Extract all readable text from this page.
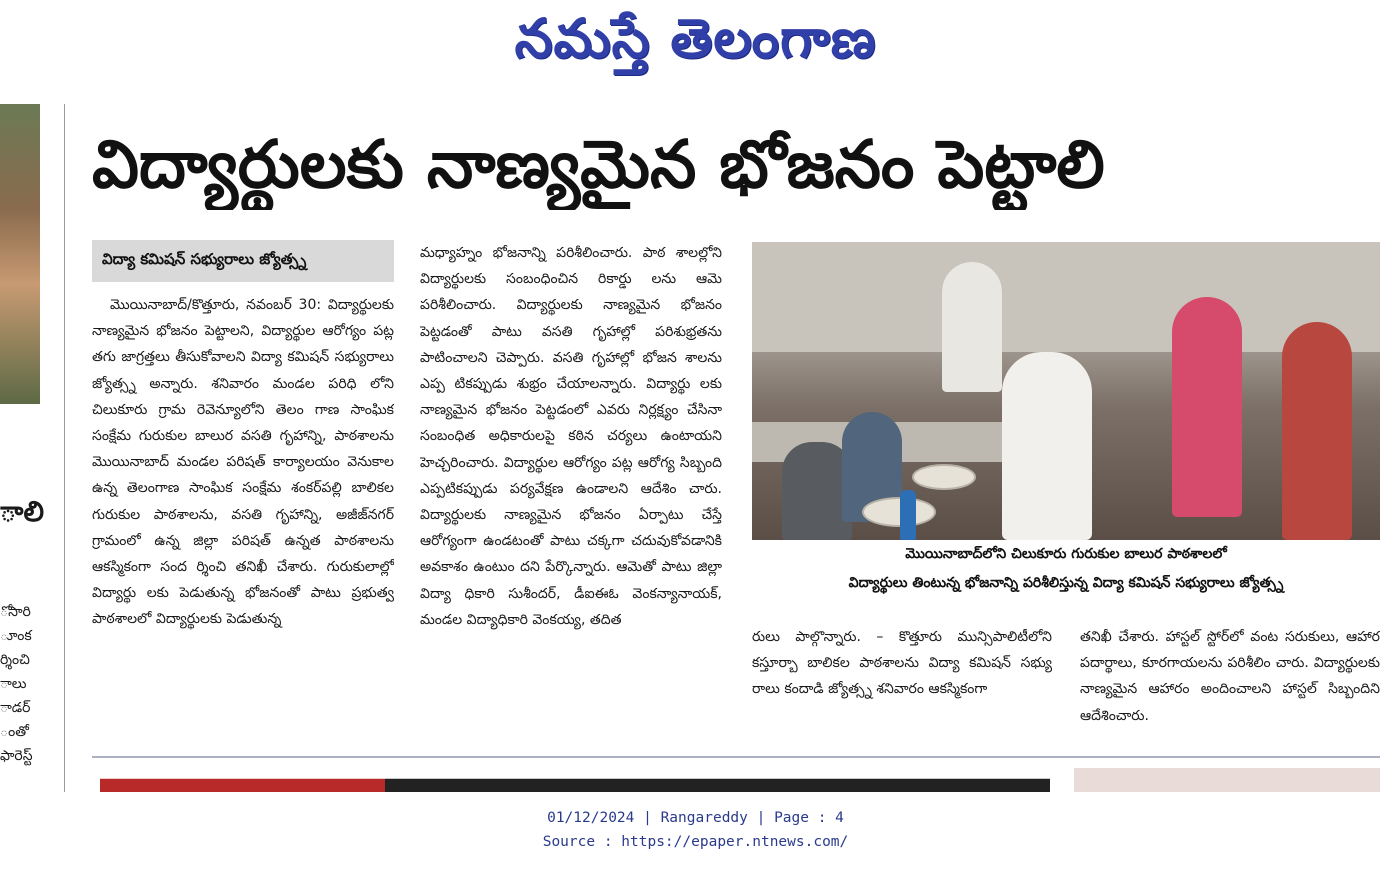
నమస్తే తెలంగాణ
ాలి
ోసారి
ూంక
ర్శించి
ాలు
ాడర్
ంతో
ఫారెస్ట్
విద్యార్థులకు నాణ్యమైన భోజనం పెట్టాలి
విద్యా కమిషన్ సభ్యురాలు జ్యోత్స్న

మొయినాబాద్/కొత్తూరు, నవంబర్ 30: విద్యార్థులకు నాణ్యమైన భోజనం పెట్టాలని, విద్యార్థుల ఆరోగ్యం పట్ల తగు జాగ్రత్తలు తీసుకోవాలని విద్యా కమిషన్ సభ్యురాలు జ్యోత్స్న అన్నారు. శనివారం మండల పరిధి లోని చిలుకూరు గ్రామ రెవెన్యూలోని తెలం గాణ సాంఘిక సంక్షేమ గురుకుల బాలుర వసతి గృహాన్ని, పాఠశాలను మొయినాబాద్ మండల పరిషత్ కార్యాలయం వెనుకాల ఉన్న తెలంగాణ సాంఘిక సంక్షేమ శంకర్‌పల్లి బాలికల గురుకుల పాఠశాలను, వసతి గృహాన్ని, అజీజ్‌నగర్ గ్రామంలో ఉన్న జిల్లా పరిషత్ ఉన్నత పాఠశాలను ఆకస్మికంగా సంద ర్శించి తనిఖీ చేశారు. గురుకులాల్లో విద్యార్థు లకు పెడుతున్న భోజనంతో పాటు ప్రభుత్వ పాఠశాలలో విద్యార్థులకు పెడుతున్న

మధ్యాహ్నం భోజనాన్ని పరిశీలించారు. పాఠ శాలల్లోని విద్యార్థులకు సంబంధించిన రికార్డు లను ఆమె పరిశీలించారు. విద్యార్థులకు నాణ్యమైన భోజనం పెట్టడంతో పాటు వసతి గృహాల్లో పరిశుభ్రతను పాటించాలని చెప్పారు. వసతి గృహాల్లో భోజన శాలను ఎప్ప టికప్పుడు శుభ్రం చేయాలన్నారు. విద్యార్థు లకు నాణ్యమైన భోజనం పెట్టడంలో ఎవరు నిర్లక్ష్యం చేసినా సంబంధిత అధికారులపై కఠిన చర్యలు ఉంటాయని హెచ్చరించారు. విద్యార్థుల ఆరోగ్యం పట్ల ఆరోగ్య సిబ్బంది ఎప్పటికప్పుడు పర్యవేక్షణ ఉండాలని ఆదేశిం చారు. విద్యార్థులకు నాణ్యమైన భోజనం ఏర్పాటు చేస్తే ఆరోగ్యంగా ఉండటంతో పాటు చక్కగా చదువుకోవడానికి అవకాశం ఉంటుం దని పేర్కొన్నారు. ఆమెతో పాటు జిల్లా విద్యా ధికారి సుశీందర్, డీఐఈఓ వెంకన్యానాయక్, మండల విద్యాధికారి వెంకయ్య, తదిత

మొయినాబాద్‌లోని చిలుకూరు గురుకుల బాలుర పాఠశాలలో
విద్యార్థులు తింటున్న భోజనాన్ని పరిశీలిస్తున్న విద్యా కమిషన్ సభ్యురాలు జ్యోత్స్న

రులు పాల్గొన్నారు. – కొత్తూరు మున్సిపాలిటీలోని కస్తూర్బా బాలికల పాఠశాలను విద్యా కమిషన్ సభ్యు రాలు కందాడి జ్యోత్స్న శనివారం ఆకస్మికంగా

తనిఖీ చేశారు. హాస్టల్ స్టోర్‌లో వంట సరుకులు, ఆహార పదార్థాలు, కూరగాయలను పరిశీలిం చారు. విద్యార్థులకు నాణ్యమైన ఆహారం అందించాలని హాస్టల్ సిబ్బందిని ఆదేశించారు.

01/12/2024 | Rangareddy | Page : 4
Source : https://epaper.ntnews.com/
